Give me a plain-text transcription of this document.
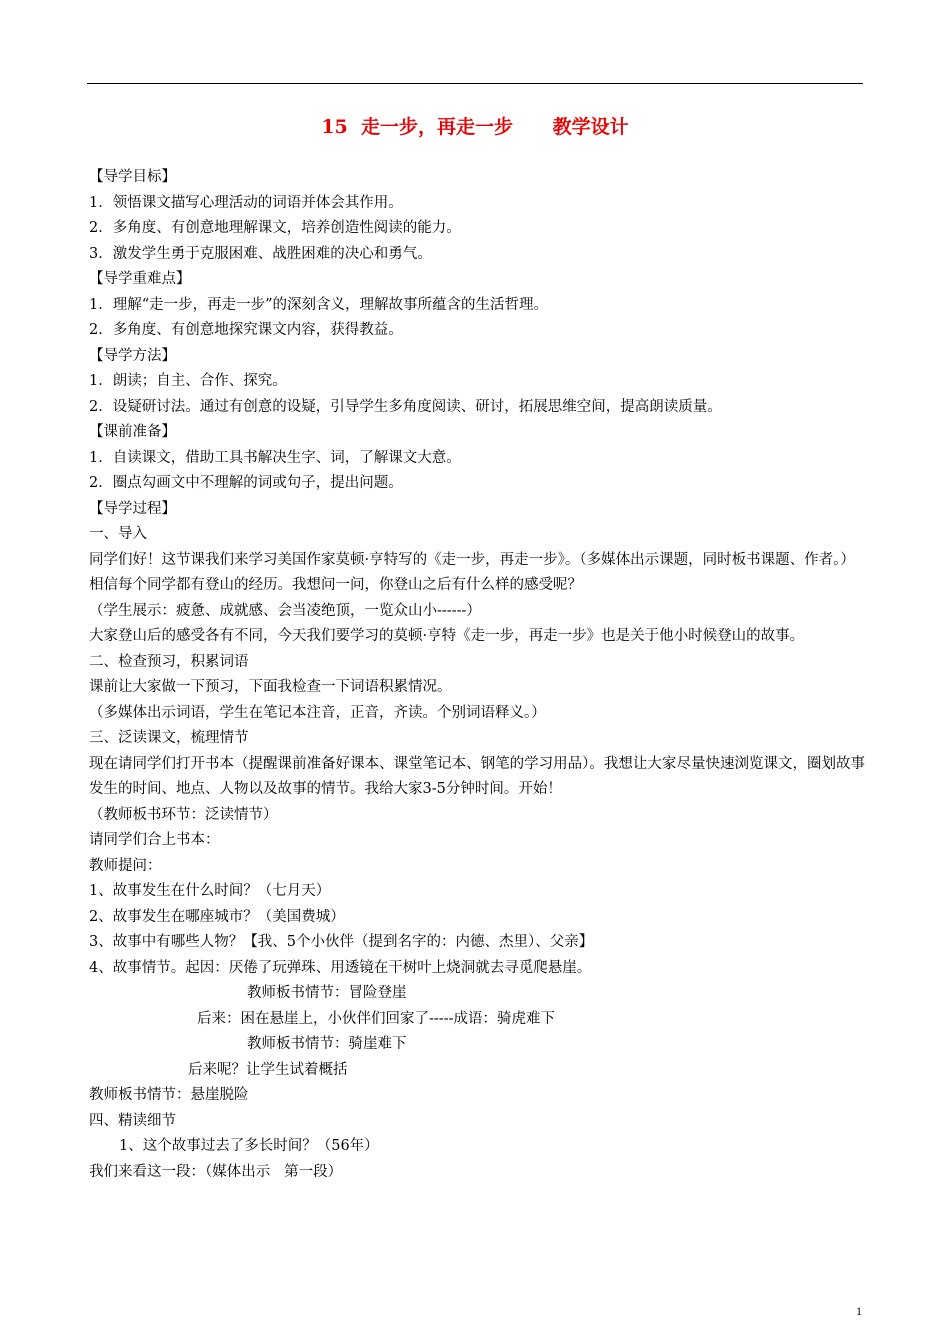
15  走一步，再走一步      教学设计
【导学目标】
1．领悟课文描写心理活动的词语并体会其作用。
2．多角度、有创意地理解课文，培养创造性阅读的能力。
3．激发学生勇于克服困难、战胜困难的决心和勇气。
【导学重难点】
1．理解“走一步，再走一步”的深刻含义，理解故事所蕴含的生活哲理。
2．多角度、有创意地探究课文内容，获得教益。
【导学方法】
1．朗读；自主、合作、探究。
2．设疑研讨法。通过有创意的设疑，引导学生多角度阅读、研讨，拓展思维空间，提高朗读质量。
【课前准备】
1．自读课文，借助工具书解决生字、词，了解课文大意。
2．圈点勾画文中不理解的词或句子，提出问题。
【导学过程】
一、导入
同学们好！这节课我们来学习美国作家莫顿·亨特写的《走一步，再走一步》。（多媒体出示课题，同时板书课题、作者。）
相信每个同学都有登山的经历。我想问一问，你登山之后有什么样的感受呢？
（学生展示：疲惫、成就感、会当凌绝顶，一览众山小------）
大家登山后的感受各有不同，今天我们要学习的莫顿·亨特《走一步，再走一步》也是关于他小时候登山的故事。
二、检查预习，积累词语
课前让大家做一下预习，下面我检查一下词语积累情况。
（多媒体出示词语，学生在笔记本注音，正音，齐读。个别词语释义。）
三、泛读课文，梳理情节
现在请同学们打开书本（提醒课前准备好课本、课堂笔记本、钢笔的学习用品）。我想让大家尽量快速浏览课文，圈划故事发生的时间、地点、人物以及故事的情节。我给大家3-5分钟时间。开始！
（教师板书环节：泛读情节）
请同学们合上书本：
教师提问：
1、故事发生在什么时间？（七月天）
2、故事发生在哪座城市？（美国费城）
3、故事中有哪些人物？【我、5个小伙伴（提到名字的：内德、杰里）、父亲】
4、故事情节。起因：厌倦了玩弹珠、用透镜在干树叶上烧洞就去寻觅爬悬崖。
教师板书情节：冒险登崖
后来：困在悬崖上，小伙伴们回家了-----成语：骑虎难下
教师板书情节：骑崖难下
后来呢？让学生试着概括
教师板书情节：悬崖脱险
四、精读细节
1、这个故事过去了多长时间？（56年）
我们来看这一段：（媒体出示   第一段）
1
